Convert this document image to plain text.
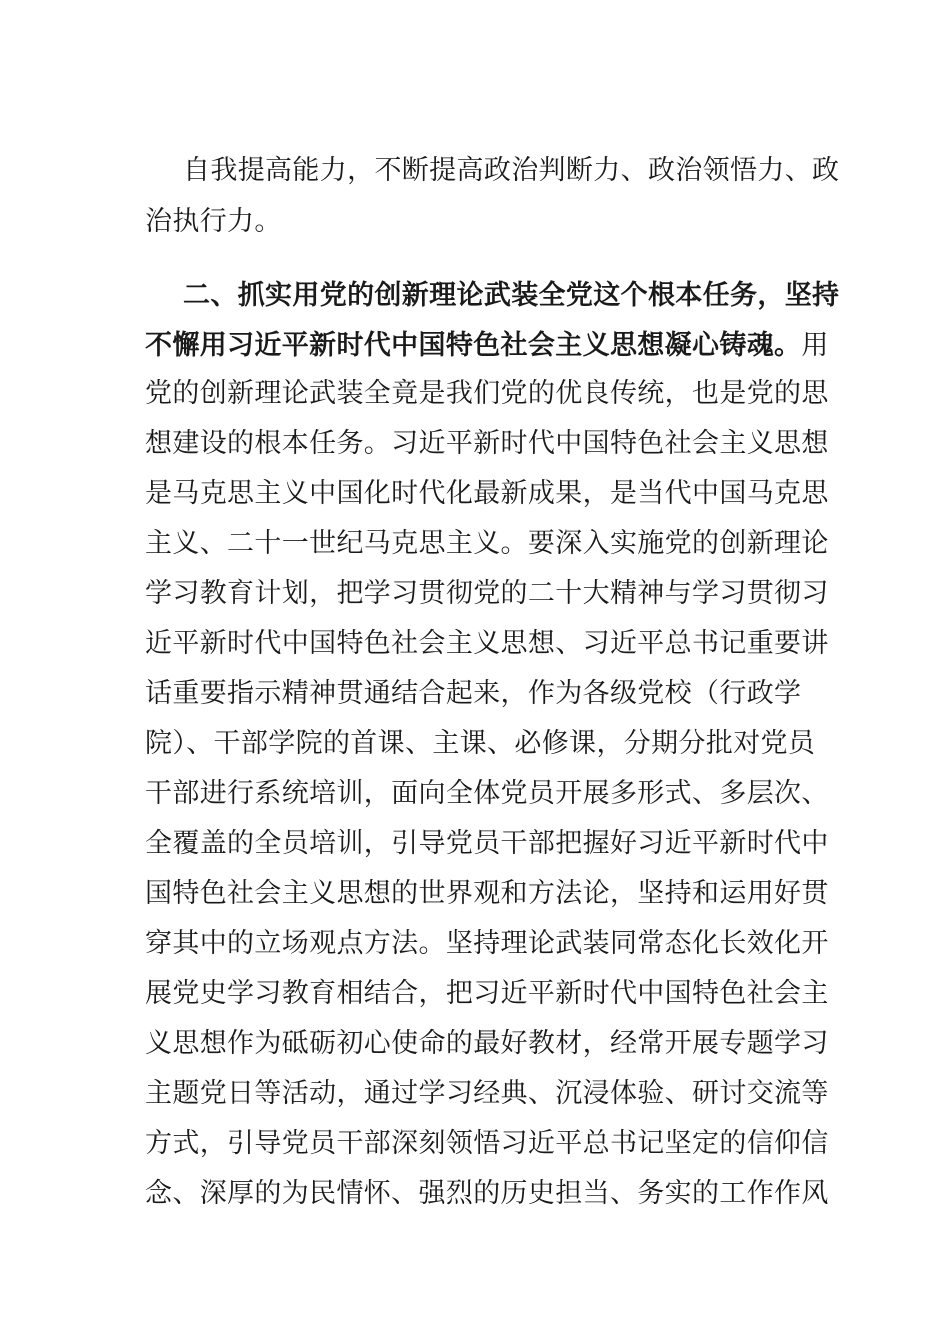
自我提高能力，不断提高政治判断力、政治领悟力、政
治执行力。
二、抓实用党的创新理论武装全党这个根本任务，坚持
不懈用习近平新时代中国特色社会主义思想凝心铸魂。用
党的创新理论武装全竟是我们党的优良传统，也是党的思
想建设的根本任务。习近平新时代中国特色社会主义思想
是马克思主义中国化时代化最新成果，是当代中国马克思
主义、二十一世纪马克思主义。要深入实施党的创新理论
学习教育计划，把学习贯彻党的二十大精神与学习贯彻习
近平新时代中国特色社会主义思想、习近平总书记重要讲
话重要指示精神贯通结合起来，作为各级党校（行政学
院）、干部学院的首课、主课、必修课，分期分批对党员
干部进行系统培训，面向全体党员开展多形式、多层次、
全覆盖的全员培训，引导党员干部把握好习近平新时代中
国特色社会主义思想的世界观和方法论，坚持和运用好贯
穿其中的立场观点方法。坚持理论武装同常态化长效化开
展党史学习教育相结合，把习近平新时代中国特色社会主
义思想作为砥砺初心使命的最好教材，经常开展专题学习
主题党日等活动，通过学习经典、沉浸体验、研讨交流等
方式，引导党员干部深刻领悟习近平总书记坚定的信仰信
念、深厚的为民情怀、强烈的历史担当、务实的工作作风
